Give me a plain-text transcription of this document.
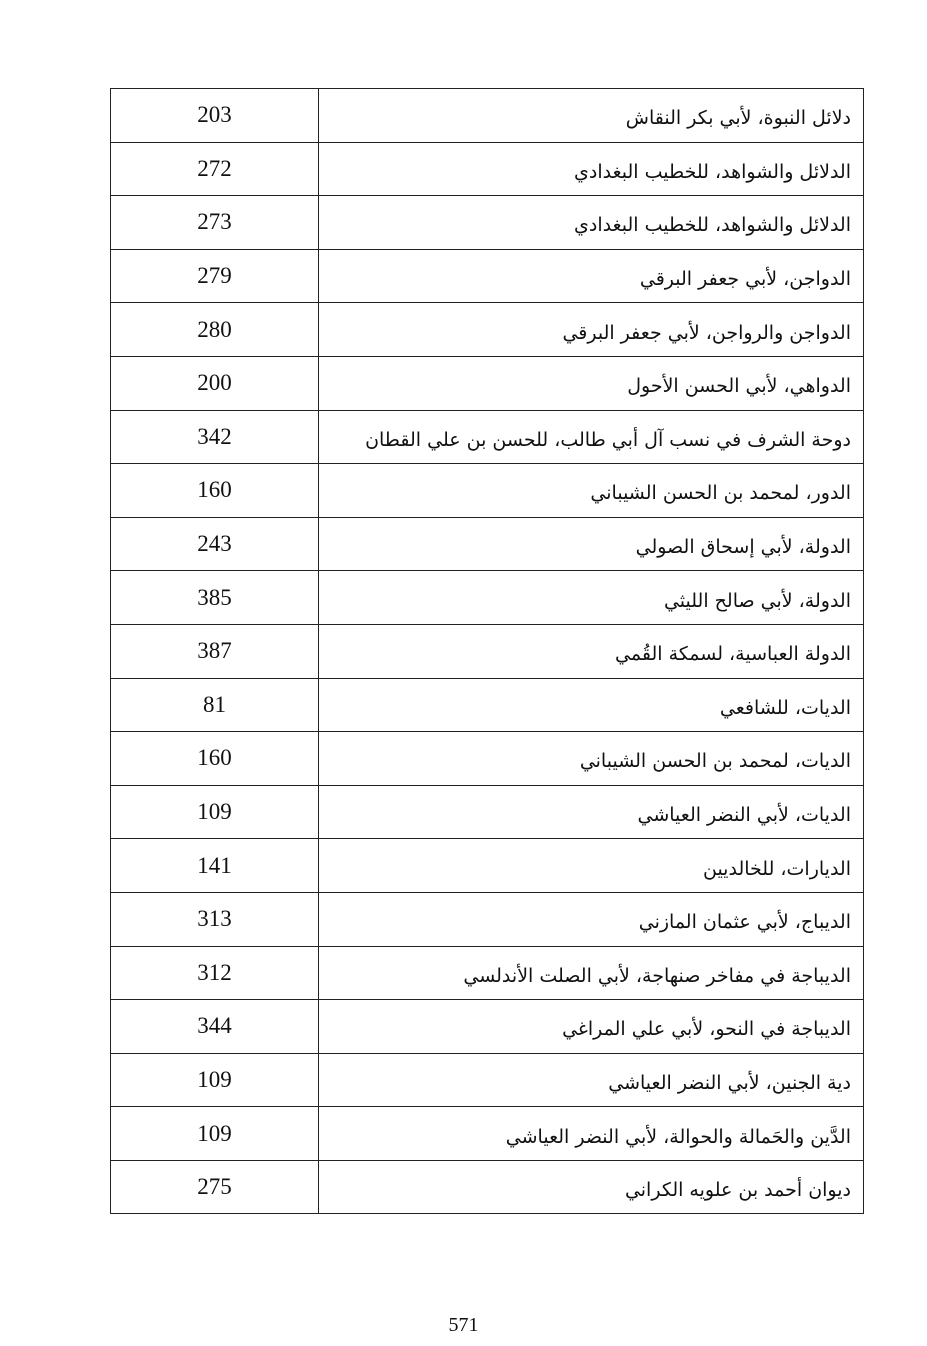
203	دلائل النبوة، لأبي بكر النقاش
272	الدلائل والشواهد، للخطيب البغدادي
273	الدلائل والشواهد، للخطيب البغدادي
279	الدواجن، لأبي جعفر البرقي
280	الدواجن والرواجن، لأبي جعفر البرقي
200	الدواهي، لأبي الحسن الأحول
342	دوحة الشرف في نسب آل أبي طالب، للحسن بن علي القطان
160	الدور، لمحمد بن الحسن الشيباني
243	الدولة، لأبي إسحاق الصولي
385	الدولة، لأبي صالح الليثي
387	الدولة العباسية، لسمكة القُمي
81	الديات، للشافعي
160	الديات، لمحمد بن الحسن الشيباني
109	الديات، لأبي النضر العياشي
141	الديارات، للخالديين
313	الديباج، لأبي عثمان المازني
312	الديباجة في مفاخر صنهاجة، لأبي الصلت الأندلسي
344	الديباجة في النحو، لأبي علي المراغي
109	دية الجنين، لأبي النضر العياشي
109	الدَّين والحَمالة والحوالة، لأبي النضر العياشي
275	ديوان أحمد بن علويه الكراني
571
